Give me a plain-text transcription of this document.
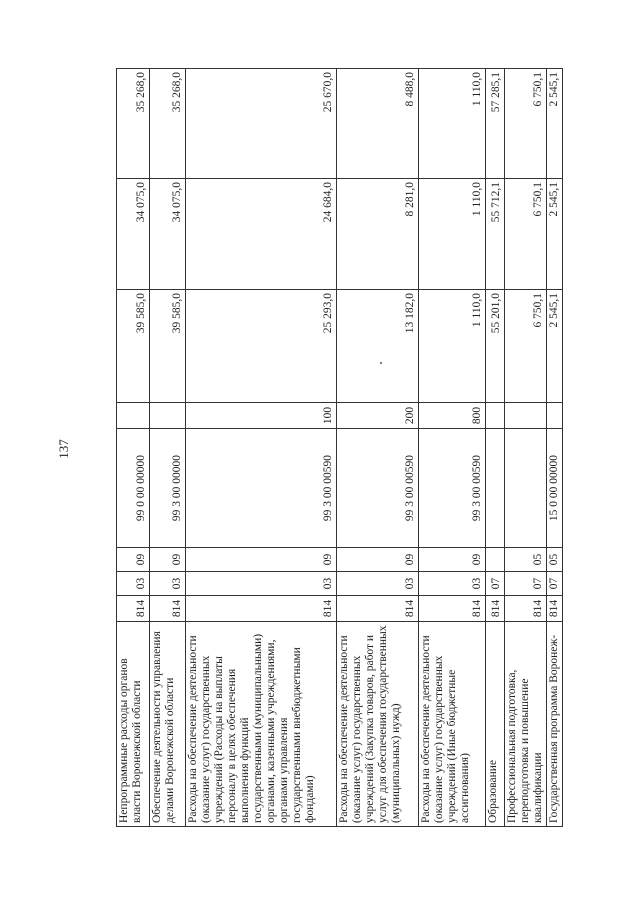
137
Непрограммные расходы органов власти Воронежской области	814	03	09	99 0 00 00000		39 585,0	34 075,0	35 268,0
Обеспечение деятельности управления делами Воронежской области	814	03	09	99 3 00 00000		39 585,0	34 075,0	35 268,0
Расходы на обеспечение деятельности (оказание услуг) государственных учреждений (Расходы на выплаты персоналу в целях обеспечения выполнения функций государственными (муниципальными) органами, казенными учреждениями, органами управления государственными внебюджетными фондами)	814	03	09	99 3 00 00590	100	25 293,0	24 684,0	25 670,0
Расходы на обеспечение деятельности (оказание услуг) государственных учреждений (Закупка товаров, работ и услуг для обеспечения государственных (муниципальных) нужд)	814	03	09	99 3 00 00590	200	13 182,0	8 281,0	8 488,0
Расходы на обеспечение деятельности (оказание услуг) государственных учреждений (Иные бюджетные ассигнования)	814	03	09	99 3 00 00590	800	1 110,0	1 110,0	1 110,0
Образование	814	07				55 201,0	55 712,1	57 285,1
Профессиональная подготовка, переподготовка и повышение квалификации	814	07	05			6 750,1	6 750,1	6 750,1
Государственная программа Воронеж-	814	07	05	15 0 00 00000		2 545,1	2 545,1	2 545,1
